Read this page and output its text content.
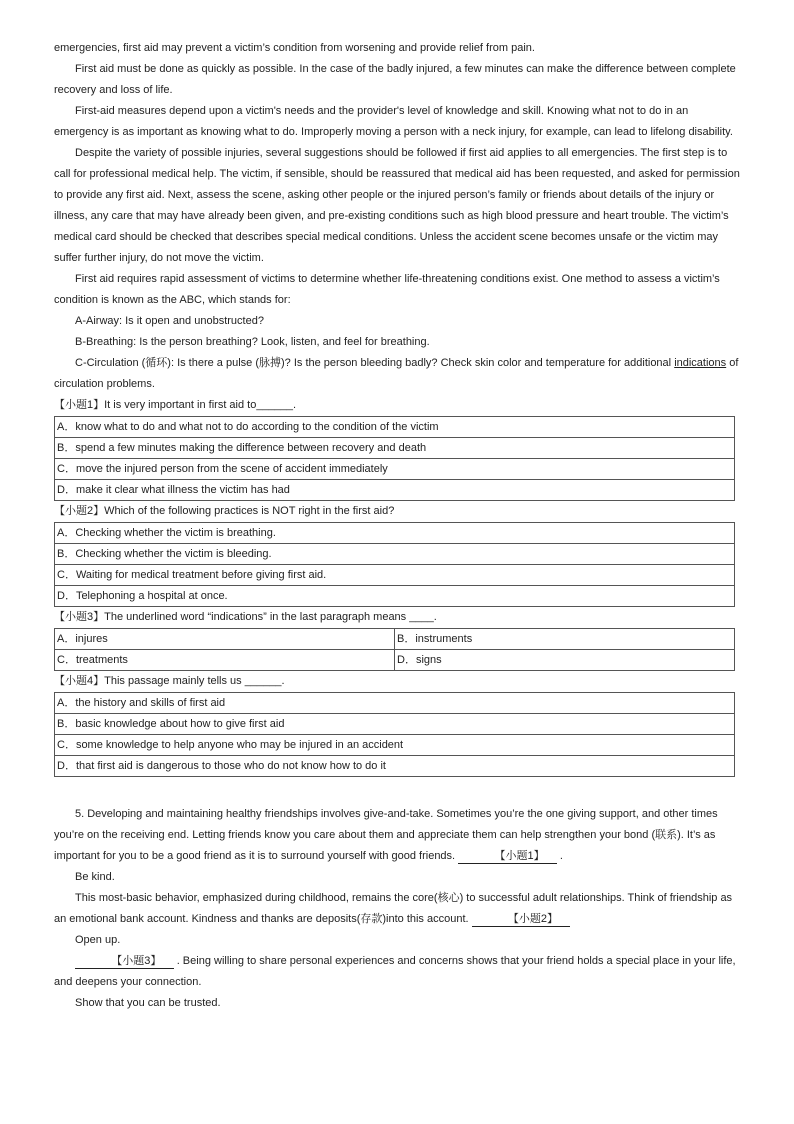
emergencies, first aid may prevent a victim’s condition from worsening and provide relief from pain.

First aid must be done as quickly as possible. In the case of the badly injured, a few minutes can make the difference between complete recovery and loss of life.

First-aid measures depend upon a victim's needs and the provider's level of knowledge and skill. Knowing what not to do in an emergency is as important as knowing what to do. Improperly moving a person with a neck injury, for example, can lead to lifelong disability.

Despite the variety of possible injuries, several suggestions should be followed if first aid applies to all emergencies. The first step is to call for professional medical help. The victim, if sensible, should be reassured that medical aid has been requested, and asked for permission to provide any first aid. Next, assess the scene, asking other people or the injured person’s family or friends about details of the injury or illness, any care that may have already been given, and pre-existing conditions such as high blood pressure and heart trouble. The victim’s medical card should be checked that describes special medical conditions. Unless the accident scene becomes unsafe or the victim may suffer further injury, do not move the victim.

First aid requires rapid assessment of victims to determine whether life-threatening conditions exist. One method to assess a victim’s condition is known as the ABC, which stands for:

A-Airway: Is it open and unobstructed?

B-Breathing: Is the person breathing? Look, listen, and feel for breathing.

C-Circulation (循环): Is there a pulse (脉搏)? Is the person bleeding badly? Check skin color and temperature for additional indications of circulation problems.

【小题1】It is very important in first aid to______.

A．know what to do and what not to do according to the condition of the victim
B．spend a few minutes making the difference between recovery and death
C．move the injured person from the scene of accident immediately
D．make it clear what illness the victim has had

【小题2】Which of the following practices is NOT right in the first aid?

A．Checking whether the victim is breathing.
B．Checking whether the victim is bleeding.
C．Waiting for medical treatment before giving first aid.
D．Telephoning a hospital at once.

【小题3】The underlined word “indications” in the last paragraph means ____.

A．injures	B．instruments
C．treatments	D．signs

【小题4】This passage mainly tells us ______.

A．the history and skills of first aid
B．basic knowledge about how to give first aid
C．some knowledge to help anyone who may be injured in an accident
D．that first aid is dangerous to those who do not know how to do it

5. Developing and maintaining healthy friendships involves give-and-take. Sometimes you’re the one giving support, and other times you’re on the receiving end. Letting friends know you care about them and appreciate them can help strengthen your bond (联系). It’s as important for you to be a good friend as it is to surround yourself with good friends.	【小题1】     .

Be kind.

This most-basic behavior, emphasized during childhood, remains the core(核心) to successful adult relationships. Think of friendship as an emotional bank account. Kindness and thanks are deposits(存款)into this account.	【小题2】

Open up.

【小题3】     . Being willing to share personal experiences and concerns shows that your friend holds a special place in your life, and deepens your connection.

Show that you can be trusted.
